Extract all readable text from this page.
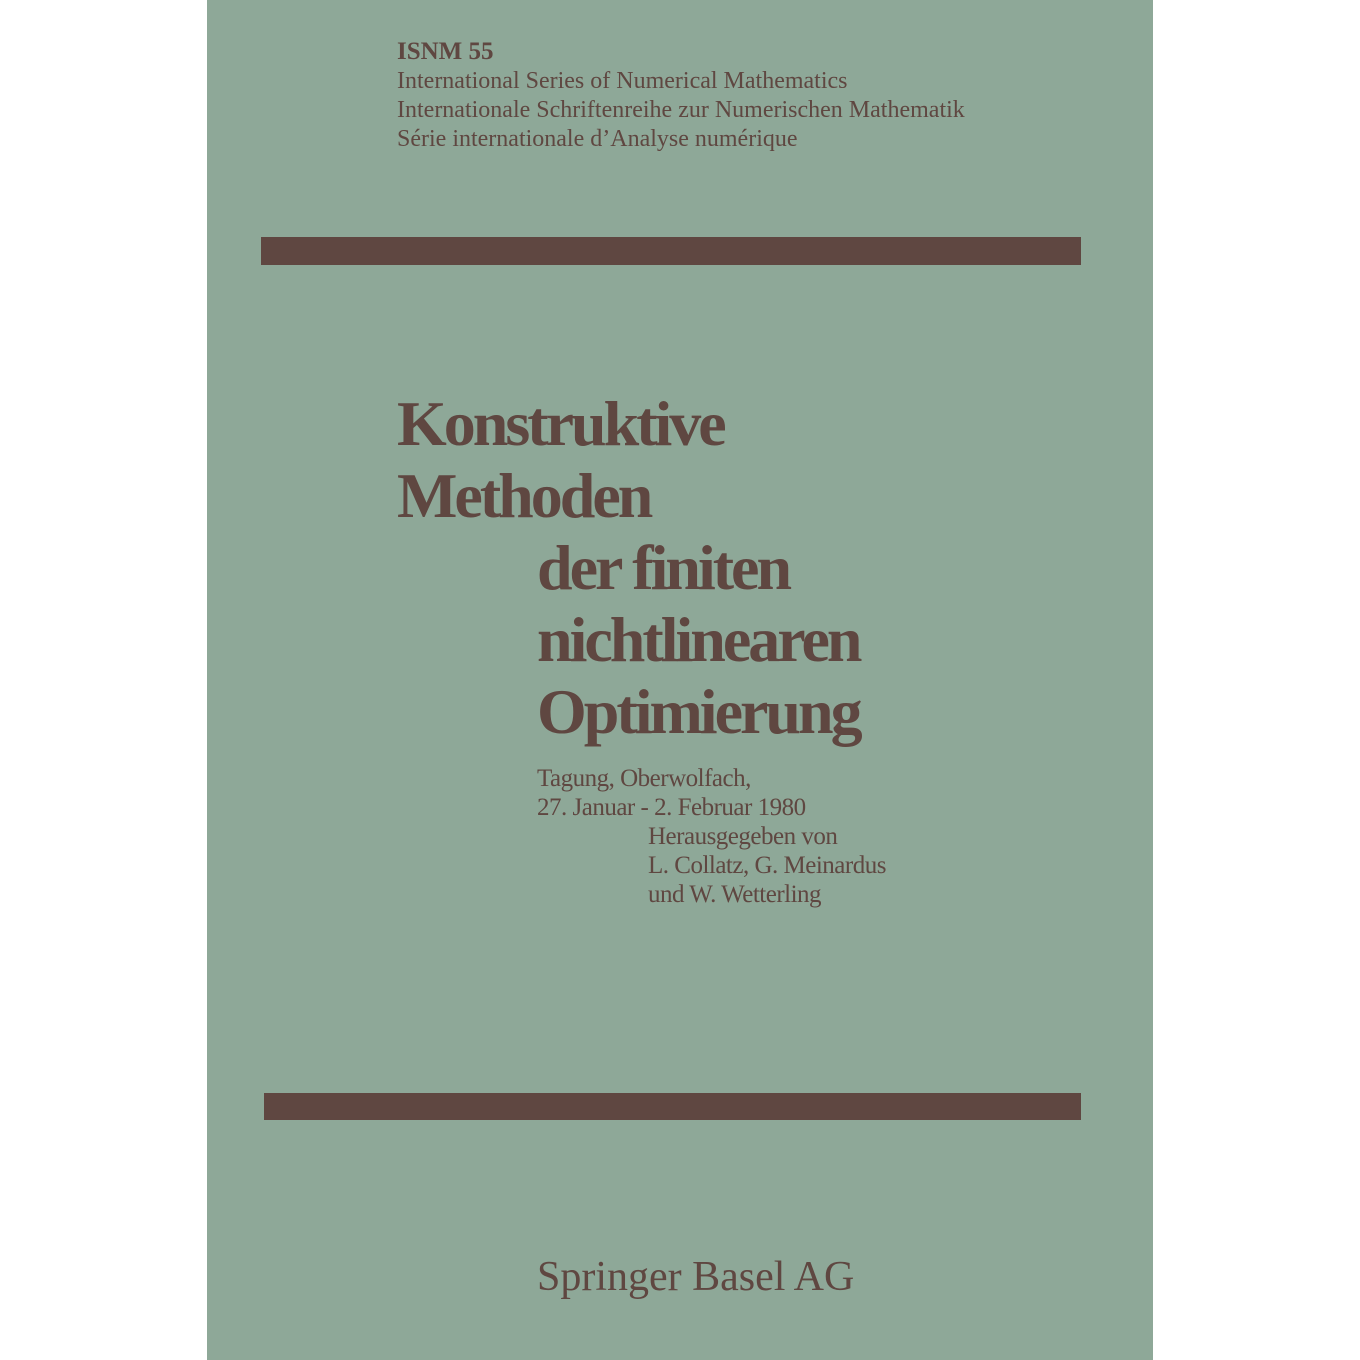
ISNM 55
International Series of Numerical Mathematics
Internationale Schriftenreihe zur Numerischen Mathematik
Série internationale d’Analyse numérique
Konstruktive
Methoden
der finiten
nichtlinearen
Optimierung
Tagung, Oberwolfach,
27. Januar - 2. Februar 1980
Herausgegeben von
L. Collatz, G. Meinardus
und W. Wetterling
Springer Basel AG
